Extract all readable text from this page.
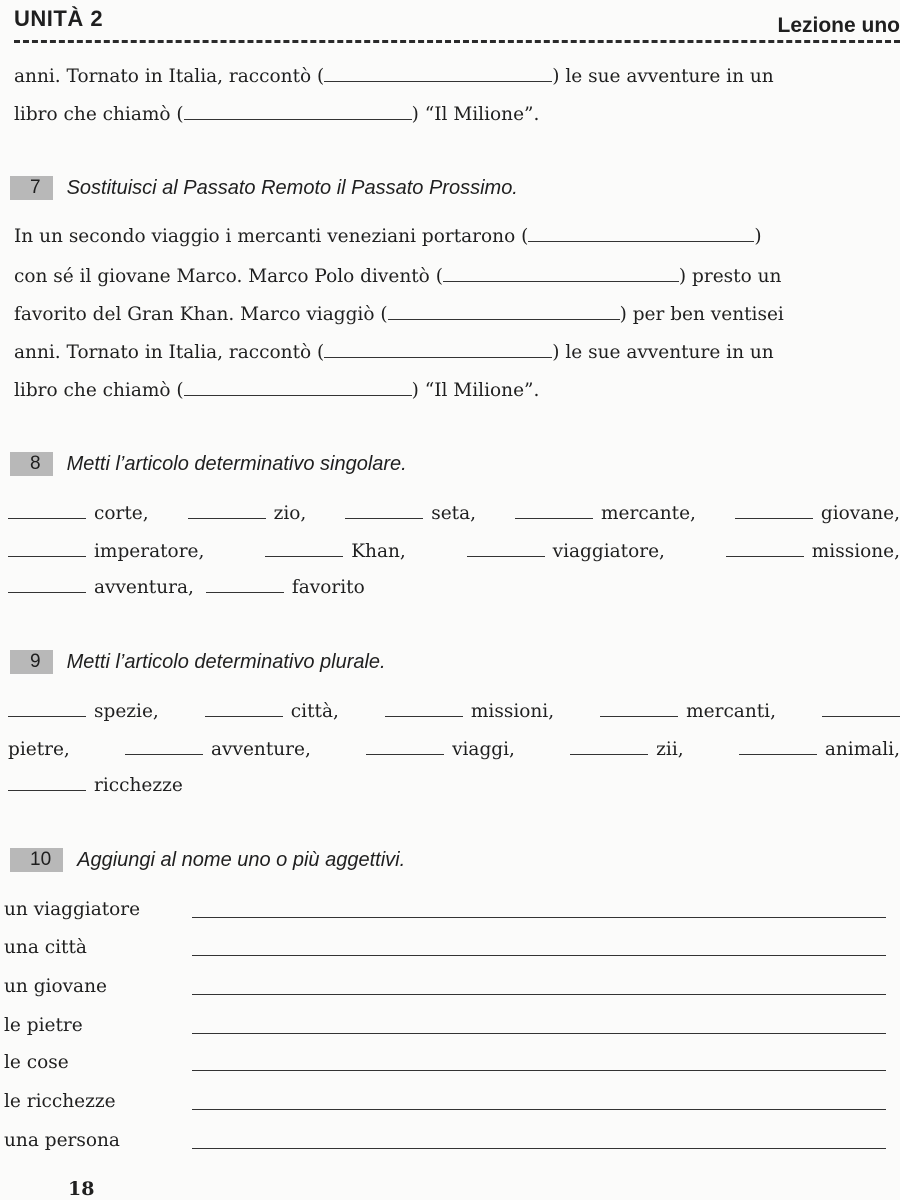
UNITÀ 2	Lezione uno
anni. Tornato in Italia, raccontò (	) le sue avventure in un
libro che chiamò (	) “Il Milione”.
7	Sostituisci al Passato Remoto il Passato Prossimo.
In un secondo viaggio i mercanti veneziani portarono (	)
con sé il giovane Marco. Marco Polo diventò (	) presto un
favorito del Gran Khan. Marco viaggiò (	) per ben ventisei
anni. Tornato in Italia, raccontò (	) le sue avventure in un
libro che chiamò (	) “Il Milione”.
8	Metti l’articolo determinativo singolare.
corte,	zio,	seta,	mercante,	giovane,
imperatore,	Khan,	viaggiatore,	missione,
avventura,	favorito
9	Metti l’articolo determinativo plurale.
spezie,	città,	missioni,	mercanti,
pietre,	avventure,	viaggi,	zii,	animali,
ricchezze
10	Aggiungi al nome uno o più aggettivi.
un viaggiatore
una città
un giovane
le pietre
le cose
le ricchezze
una persona
18
